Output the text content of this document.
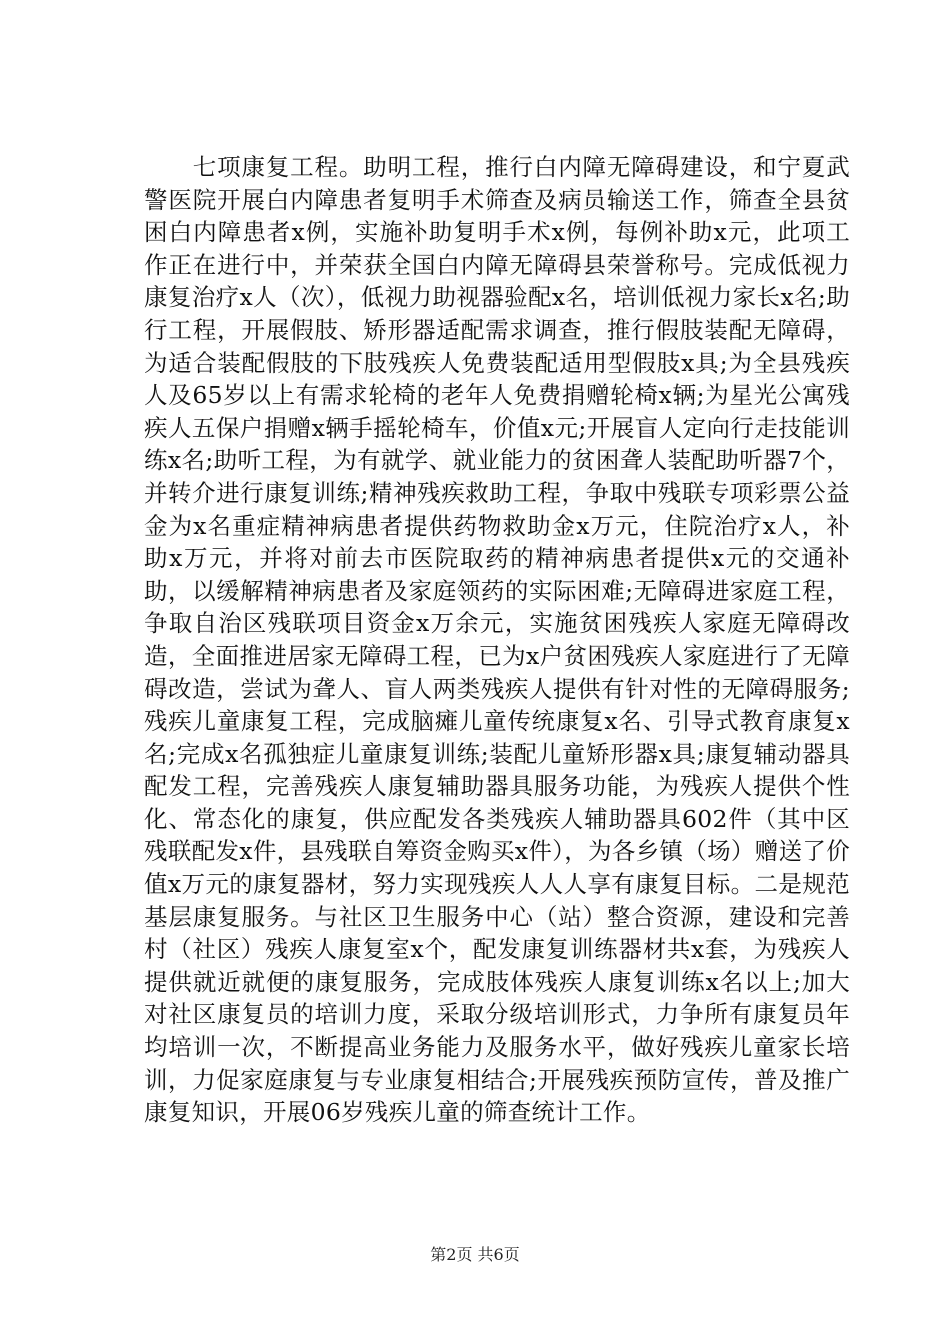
　　七项康复工程。助明工程，推行白内障无障碍建设，和宁夏武警医院开展白内障患者复明手术筛查及病员输送工作，筛查全县贫困白内障患者x例，实施补助复明手术x例，每例补助x元，此项工作正在进行中，并荣获全国白内障无障碍县荣誉称号。完成低视力康复治疗x人（次），低视力助视器验配x名，培训低视力家长x名;助行工程，开展假肢、矫形器适配需求调查，推行假肢装配无障碍，为适合装配假肢的下肢残疾人免费装配适用型假肢x具;为全县残疾人及65岁以上有需求轮椅的老年人免费捐赠轮椅x辆;为星光公寓残疾人五保户捐赠x辆手摇轮椅车，价值x元;开展盲人定向行走技能训练x名;助听工程，为有就学、就业能力的贫困聋人装配助听器7个，并转介进行康复训练;精神残疾救助工程，争取中残联专项彩票公益金为x名重症精神病患者提供药物救助金x万元，住院治疗x人，补助x万元，并将对前去市医院取药的精神病患者提供x元的交通补助，以缓解精神病患者及家庭领药的实际困难;无障碍进家庭工程，争取自治区残联项目资金x万余元，实施贫困残疾人家庭无障碍改造，全面推进居家无障碍工程，已为x户贫困残疾人家庭进行了无障碍改造，尝试为聋人、盲人两类残疾人提供有针对性的无障碍服务;残疾儿童康复工程，完成脑瘫儿童传统康复x名、引导式教育康复x名;完成x名孤独症儿童康复训练;装配儿童矫形器x具;康复辅动器具配发工程，完善残疾人康复辅助器具服务功能，为残疾人提供个性化、常态化的康复，供应配发各类残疾人辅助器具602件（其中区残联配发x件，县残联自筹资金购买x件），为各乡镇（场）赠送了价值x万元的康复器材，努力实现残疾人人人享有康复目标。二是规范基层康复服务。与社区卫生服务中心（站）整合资源，建设和完善村（社区）残疾人康复室x个，配发康复训练器材共x套，为残疾人提供就近就便的康复服务，完成肢体残疾人康复训练x名以上;加大对社区康复员的培训力度，采取分级培训形式，力争所有康复员年均培训一次，不断提高业务能力及服务水平，做好残疾儿童家长培训，力促家庭康复与专业康复相结合;开展残疾预防宣传，普及推广康复知识，开展06岁残疾儿童的筛查统计工作。

第2页 共6页
